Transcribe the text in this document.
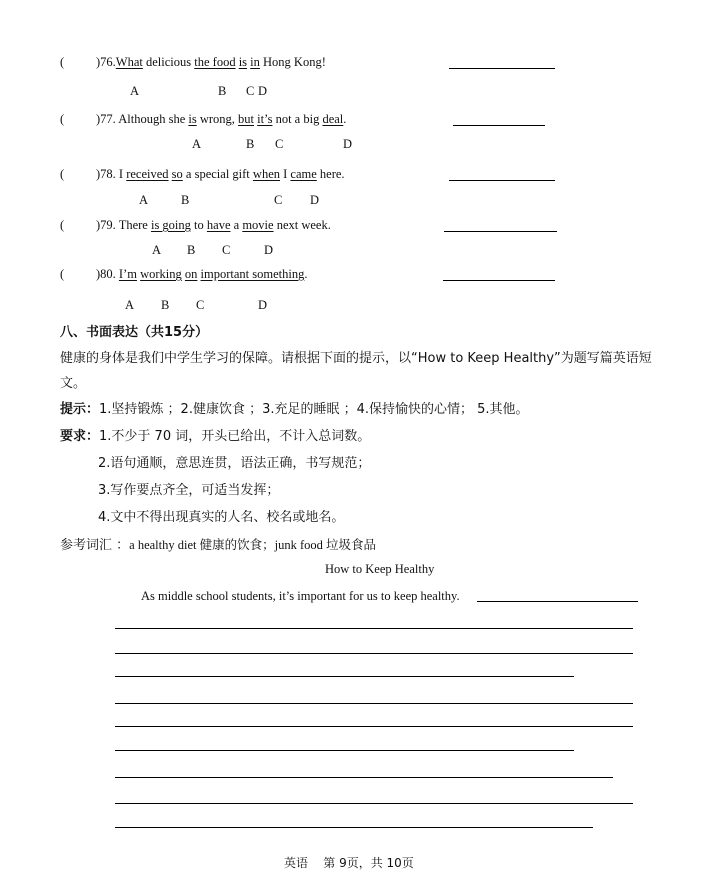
(	)76.What delicious the food is in Hong Kong!
A	B C D
(	)77. Although she is wrong, but it’s not a big deal.
A	B C	D
(	)78. I received so a special gift when I came here.
A	B	C D
(	)79. There is going to have a movie next week.
A B C	D
(	)80. I’m working on important something.
A B C	D
八、书面表达（共15分）
健康的身体是我们中学生学习的保障。请根据下面的提示，以“How to Keep Healthy”为题写篇英语短
文。
提示：1.坚持锻炼 ；2.健康饮食 ；3.充足的睡眠 ；4.保持愉快的心情； 5.其他。
要求：1.不少于 70 词，开头已给出，不计入总词数。
2.语句通顺，意思连贯，语法正确，书写规范；
3.写作要点齐全，可适当发挥；
4.文中不得出现真实的人名、校名或地名。
参考词汇 ：a healthy diet 健康的饮食；junk food 垃圾食品
How to Keep Healthy
As middle school students, it’s important for us to keep healthy.
英语    第 9页，共 10页
